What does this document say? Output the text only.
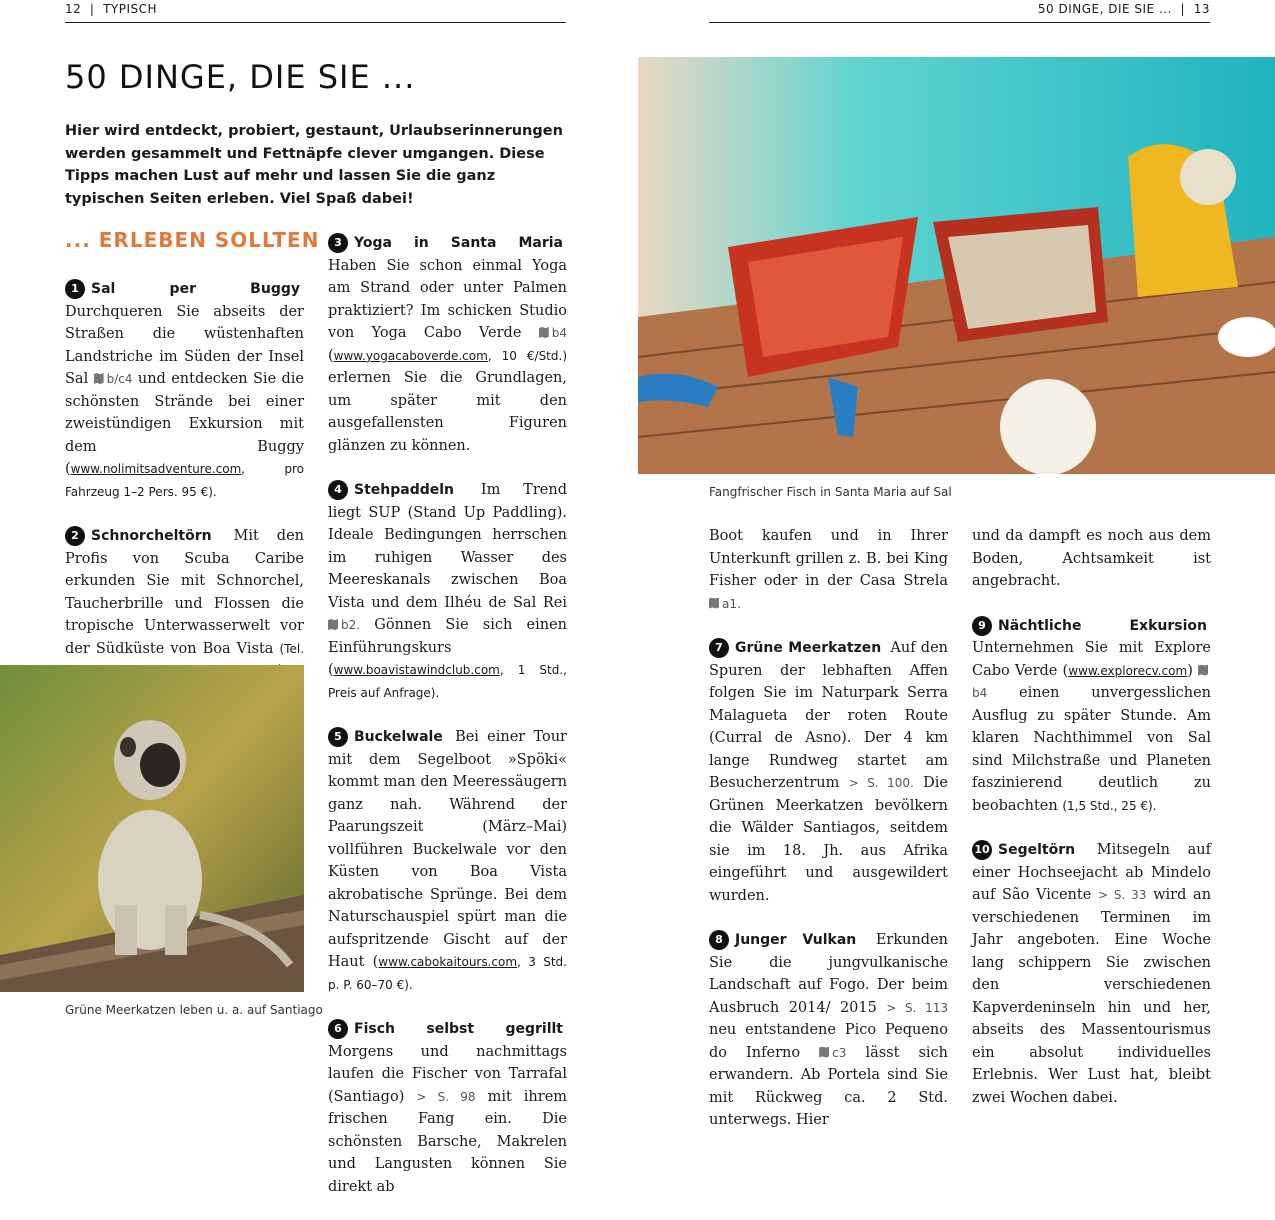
12  |  TYPISCH	50 DINGE, DIE SIE ...  |  13
50 DINGE, DIE SIE ...

Hier wird entdeckt, probiert, gestaunt, Urlaubserinnerungen werden gesammelt und Fettnäpfe clever umgangen. Diese Tipps machen Lust auf mehr und lassen Sie die ganz typischen Seiten erleben. Viel Spaß dabei!

... ERLEBEN SOLLTEN

1 Sal per Buggy Durchqueren Sie abseits der Straßen die wüstenhaften Landstriche im Süden der Insel Sal b/c4 und entdecken Sie die schönsten Strände bei einer zweistündigen Exkursion mit dem Buggy (www.nolimitsadventure.com, pro Fahrzeug 1–2 Pers. 95 €).

2 Schnorcheltörn Mit den Profis von Scuba Caribe erkunden Sie mit Schnorchel, Taucherbrille und Flossen die tropische Unterwasserwelt vor der Südküste von Boa Vista (Tel.

Grüne Meerkatzen leben u. a. auf Santiago

3 Yoga in Santa Maria Haben Sie schon einmal Yoga am Strand oder unter Palmen praktiziert? Im schicken Studio von Yoga Cabo Verde	b4 (www.yogacaboverde.com, 10 €/Std.) erlernen Sie die Grundlagen, um später mit den ausgefallensten Figuren glänzen zu können.

4 Stehpaddeln Im Trend liegt SUP (Stand Up Paddling). Ideale Bedingungen herrschen im ruhigen Wasser des Meereskanals zwischen Boa Vista und dem Ilhéu de Sal Rei b2. Gönnen Sie sich einen Einführungskurs (www.boavistawindclub.com, 1 Std., Preis auf Anfrage).

5 Buckelwale Bei einer Tour mit dem Segelboot »Spöki« kommt man den Meeressäugern ganz nah. Während der Paarungszeit (März–Mai) vollführen Buckelwale vor den Küsten von Boa Vista akrobatische Sprünge. Bei dem Naturschauspiel spürt man die aufspritzende Gischt auf der Haut (www.cabokaitours.com, 3 Std. p. P. 60–70 €).

6 Fisch selbst gegrillt Morgens und nachmittags laufen die Fischer von Tarrafal (Santiago) > S. 98 mit ihrem frischen Fang ein. Die schönsten Barsche, Makrelen und Langusten können Sie direkt ab

Fangfrischer Fisch in Santa Maria auf Sal

Boot kaufen und in Ihrer Unterkunft grillen z. B. bei King Fisher oder in der Casa Strela a1.

7 Grüne Meerkatzen Auf den Spuren der lebhaften Affen folgen Sie im Naturpark Serra Malagueta der roten Route (Curral de Asno). Der 4 km lange Rundweg startet am Besucherzentrum > S. 100. Die Grünen Meerkatzen bevölkern die Wälder Santiagos, seitdem sie im 18. Jh. aus Afrika eingeführt und ausgewildert wurden.

8 Junger Vulkan Erkunden Sie die jungvulkanische Landschaft auf Fogo. Der beim Ausbruch 2014/ 2015 > S. 113 neu entstandene Pico Pequeno do Inferno	c3 lässt sich erwandern. Ab Portela sind Sie mit Rückweg ca. 2 Std. unterwegs. Hier

und da dampft es noch aus dem Boden, Achtsamkeit ist angebracht.

9 Nächtliche Exkursion Unternehmen Sie mit Explore Cabo Verde (www.explorecv.com) b4 einen unvergesslichen Ausflug zu später Stunde. Am klaren Nachthimmel von Sal sind Milchstraße und Planeten faszinierend deutlich zu beobachten (1,5 Std., 25 €).

10 Segeltörn Mitsegeln auf einer Hochseejacht ab Mindelo auf São Vicente > S. 33 wird an verschiedenen Terminen im Jahr angeboten. Eine Woche lang schippern Sie zwischen den verschiedenen Kapverdeninseln hin und her, abseits des Massentourismus ein absolut individuelles Erlebnis. Wer Lust hat, bleibt zwei Wochen dabei.
